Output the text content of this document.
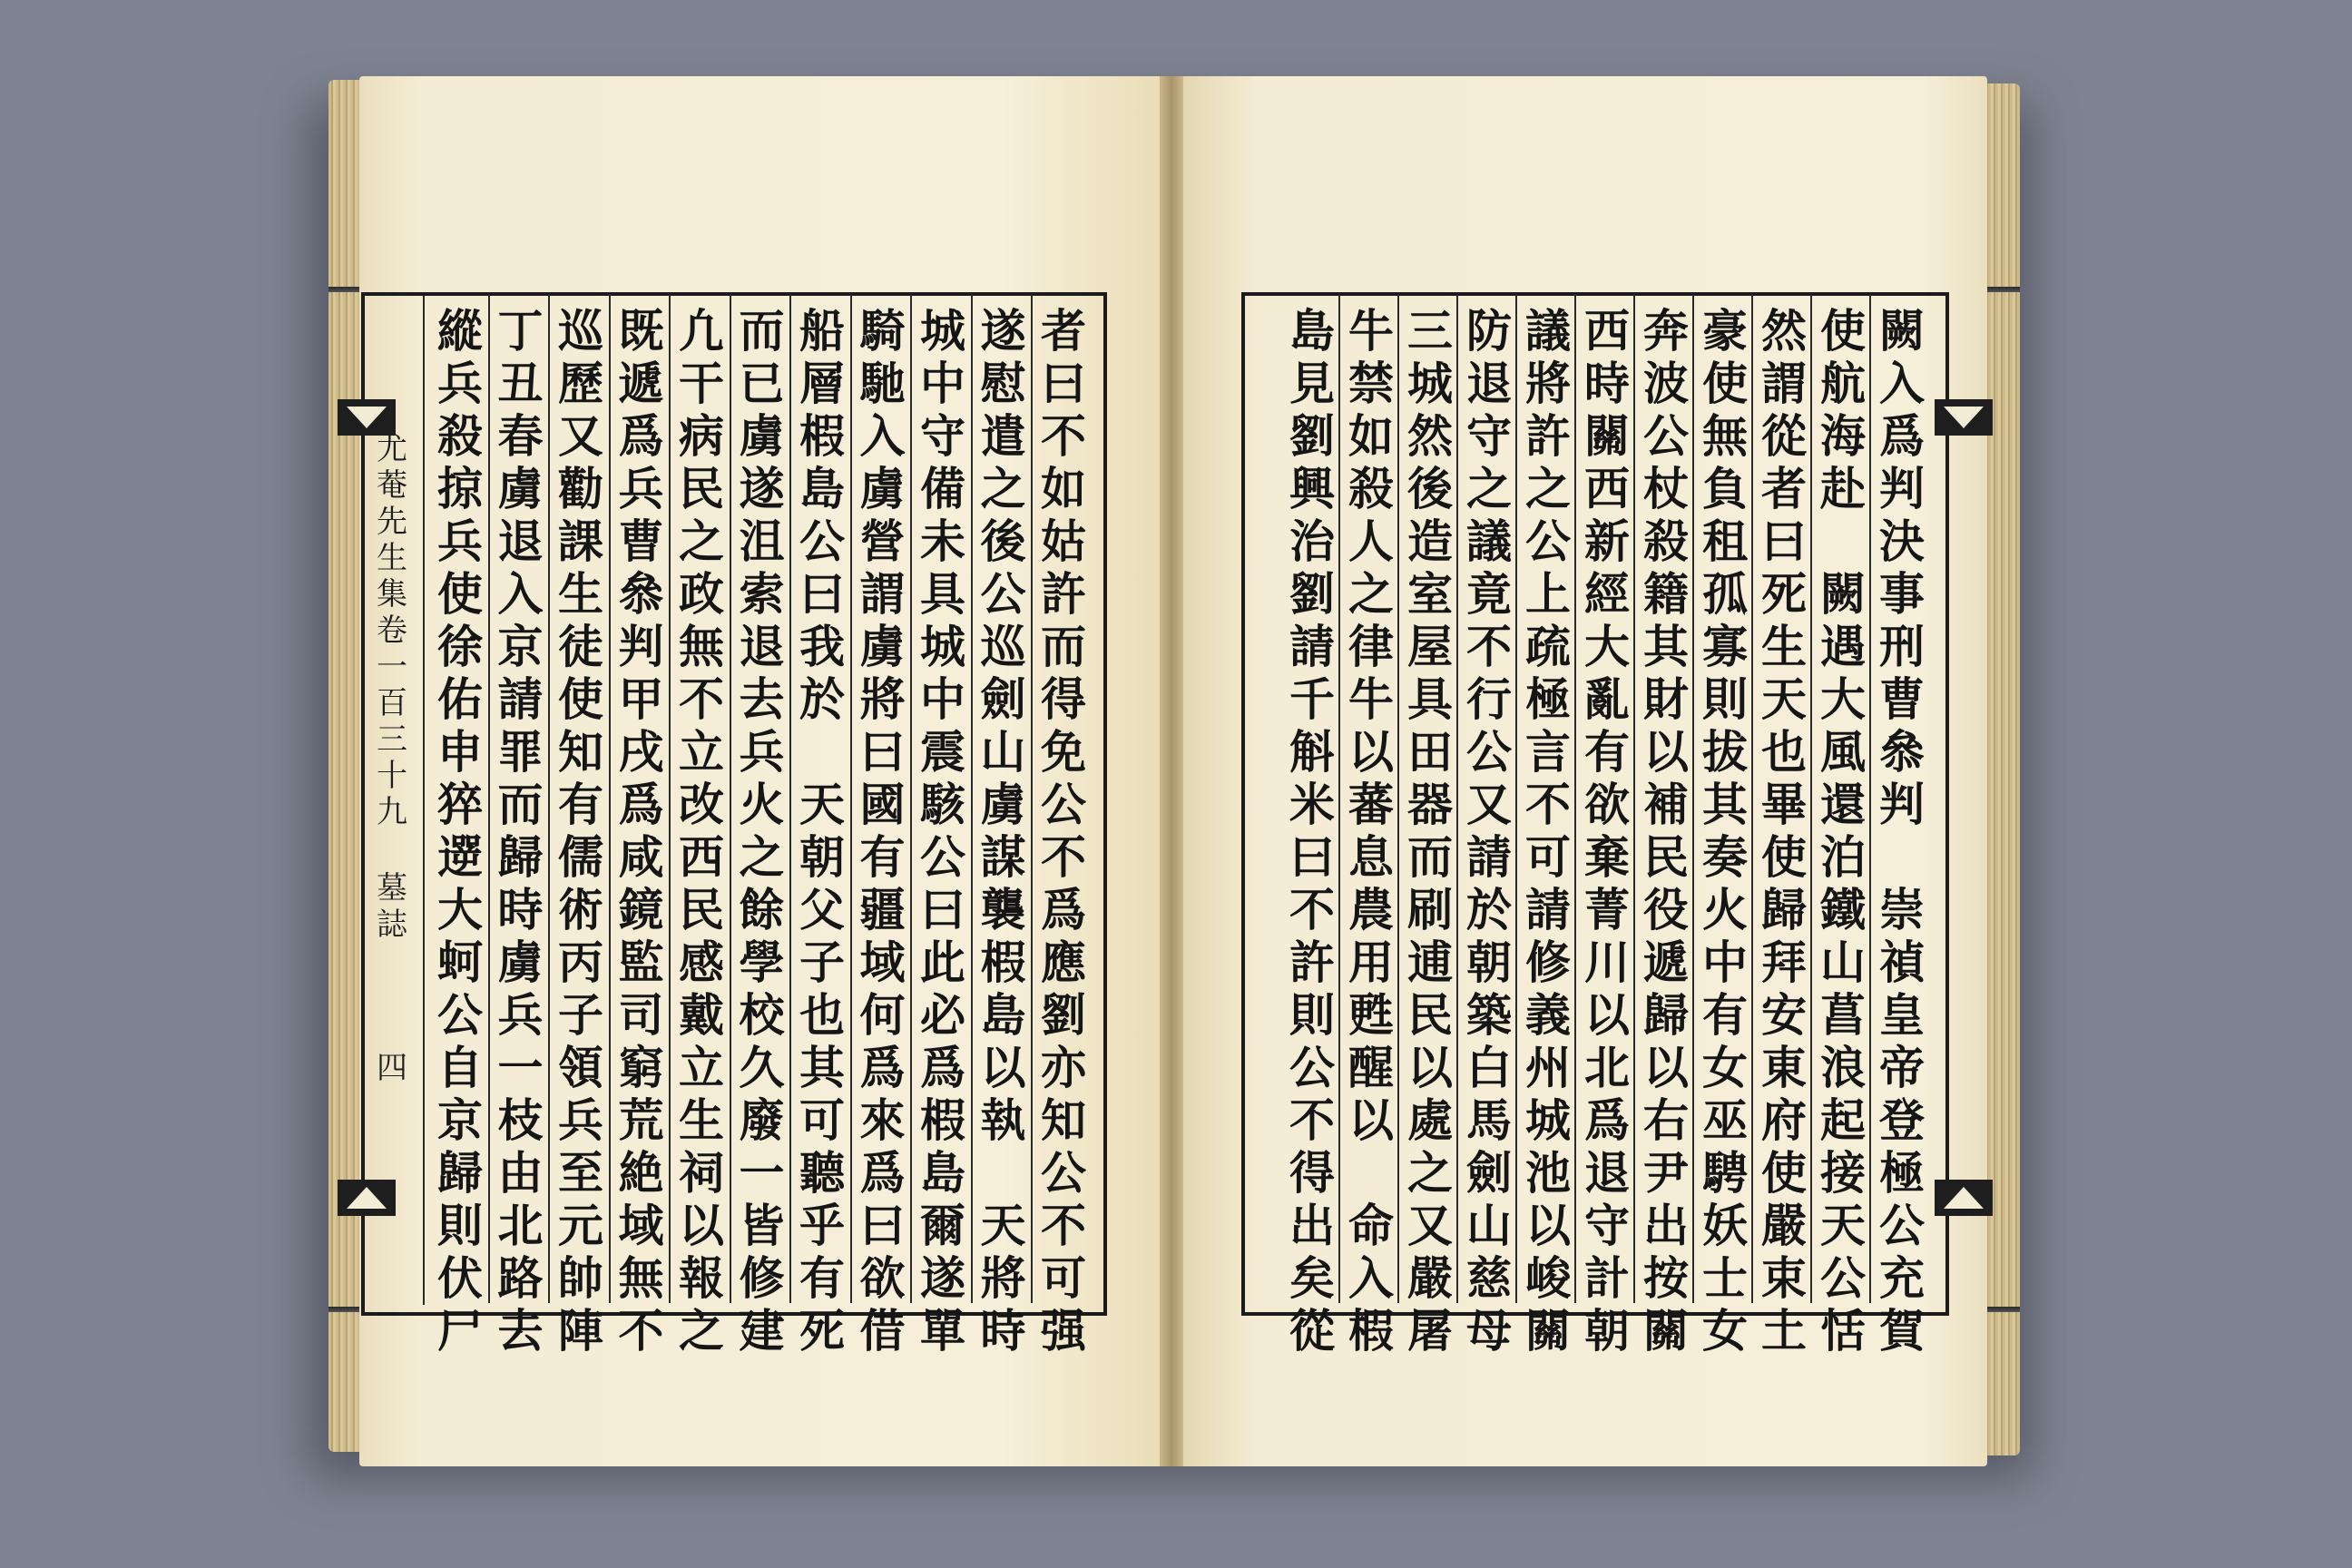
尤
菴
先
生
集
卷
一
百
三
十
九
墓
誌
四
者
曰
不
如
姑
許
而
得
免
公
不
爲
應
劉
亦
知
公
不
可
强
遂
慰
遣
之
後
公
巡
劍
山
虜
謀
襲
椵
島
以
執

天
將
時
城
中
守
備
未
具
城
中
震
駭
公
曰
此
必
爲
椵
島
爾
遂
單
騎
馳
入
虜
營
謂
虜
將
曰
國
有
疆
域
何
爲
來
爲
曰
欲
借
船
層
椵
島
公
曰
我
於

天
朝
父
子
也
其
可
聽
乎
有
死
而
已
虜
遂
沮
索
退
去
兵
火
之
餘
學
校
久
廢
一
皆
修
建
凢
干
病
民
之
政
無
不
立
改
西
民
感
戴
立
生
祠
以
報
之
既
遞
爲
兵
曹
叅
判
甲
戌
爲
咸
鏡
監
司
窮
荒
絶
域
無
不
巡
歷
又
勸
課
生
徒
使
知
有
儒
術
丙
子
領
兵
至
元
帥
陣
丁
丑
春
虜
退
入
京
請
罪
而
歸
時
虜
兵
一
枝
由
北
路
去
縱
兵
殺
掠
兵
使
徐
佑
申
猝
遻
大
蚵
公
自
京
歸
則
伏
尸
闕
入
爲
判
決
事
刑
曹
叅
判

崇
禎
皇
帝
登
極
公
充
賀
使
航
海
赴

闕
遇
大
風
還
泊
鐵
山
菖
浪
起
接
天
公
恬
然
謂
從
者
曰
死
生
天
也
畢
使
歸
拜
安
東
府
使
嚴
束
土
豪
使
無
負
租
孤
寡
則
拔
其
奏
火
中
有
女
巫
騁
妖
士
女
奔
波
公
杖
殺
籍
其
財
以
補
民
役
遞
歸
以
右
尹
出
按
關
西
時
關
西
新
經
大
亂
有
欲
棄
菁
川
以
北
爲
退
守
計
朝
議
將
許
之
公
上
疏
極
言
不
可
請
修
義
州
城
池
以
峻
關
防
退
守
之
議
竟
不
行
公
又
請
於
朝
築
白
馬
劍
山
慈
母
三
城
然
後
造
室
屋
具
田
器
而
刷
逋
民
以
處
之
又
嚴
屠
牛
禁
如
殺
人
之
律
牛
以
蕃
息
農
用
甦
醒
以

命
入
椵
島
見
劉
興
治
劉
請
千
斛
米
曰
不
許
則
公
不
得
出
矣
從
